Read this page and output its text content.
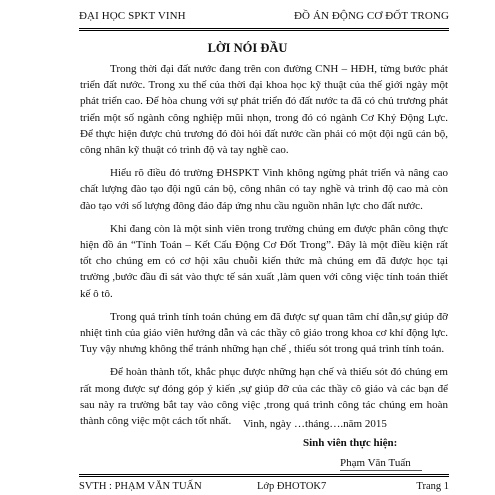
ĐẠI HỌC SPKT VINH	ĐỒ ÁN ĐỘNG CƠ ĐỐT TRONG
LỜI NÓI ĐẦU

Trong thời đại đất nước đang trên con đường CNH – HĐH, từng bước phát triển đất nước. Trong xu thế của thời đại khoa học kỹ thuật của thế giới ngày một phát triển cao. Để hòa chung với sự phát triển đó đất nước ta đã có chủ trương phát triển một số ngành công nghiệp mũi nhọn, trong đó có ngành Cơ Khý Động Lực. Để thực hiện được chủ trương đó đòi hỏi đất nước cần phải có một đội ngũ cán bộ, công nhân kỹ thuật có trình độ và tay nghề cao.

Hiểu rõ điều đó trường ĐHSPKT Vinh không ngừng phát triển và nâng cao chất lượng đào tạo đội ngũ cán bộ, công nhân có tay nghề và trình độ cao mà còn đào tạo với số lượng đông đảo đáp ứng nhu cầu nguồn nhân lực cho đất nước.

Khi đang còn là một sinh viên trong trường chúng em được phân công thực hiện đồ án “Tính Toán – Kết Cấu Động Cơ Đốt Trong”. Đây là một điều kiện rất tốt cho chúng em có cơ hội xâu chuỗi kiến thức mà chúng em đã được học tại trường ,bước đầu đi sát vào thực tế sản xuất ,làm quen với công việc tính toán thiết kế ô tô.

Trong quá trình tính toán chúng em đã được sự quan tâm chỉ dẫn,sự giúp đỡ nhiệt tình của giáo viên hướng dẫn và các thầy cô giáo trong khoa cơ khí động lực. Tuy vậy nhưng không thể tránh những hạn chế , thiếu sót trong quá trình tính toán.

Để hoàn thành tốt, khắc phục được những hạn chế và thiếu sót đó chúng em rất mong được sự đóng góp ý kiến ,sự giúp đỡ của các thầy cô giáo và các bạn để sau này ra trường bắt tay vào công việc ,trong quá trình công tác chúng em hoàn thành công việc một cách tốt nhất.	Vinh, ngày …tháng….năm 2015
Sinh viên thực hiện:
Phạm Văn Tuấn
SVTH : PHẠM VĂN TUẤN	Lớp ĐHOTOK7	Trang 1
